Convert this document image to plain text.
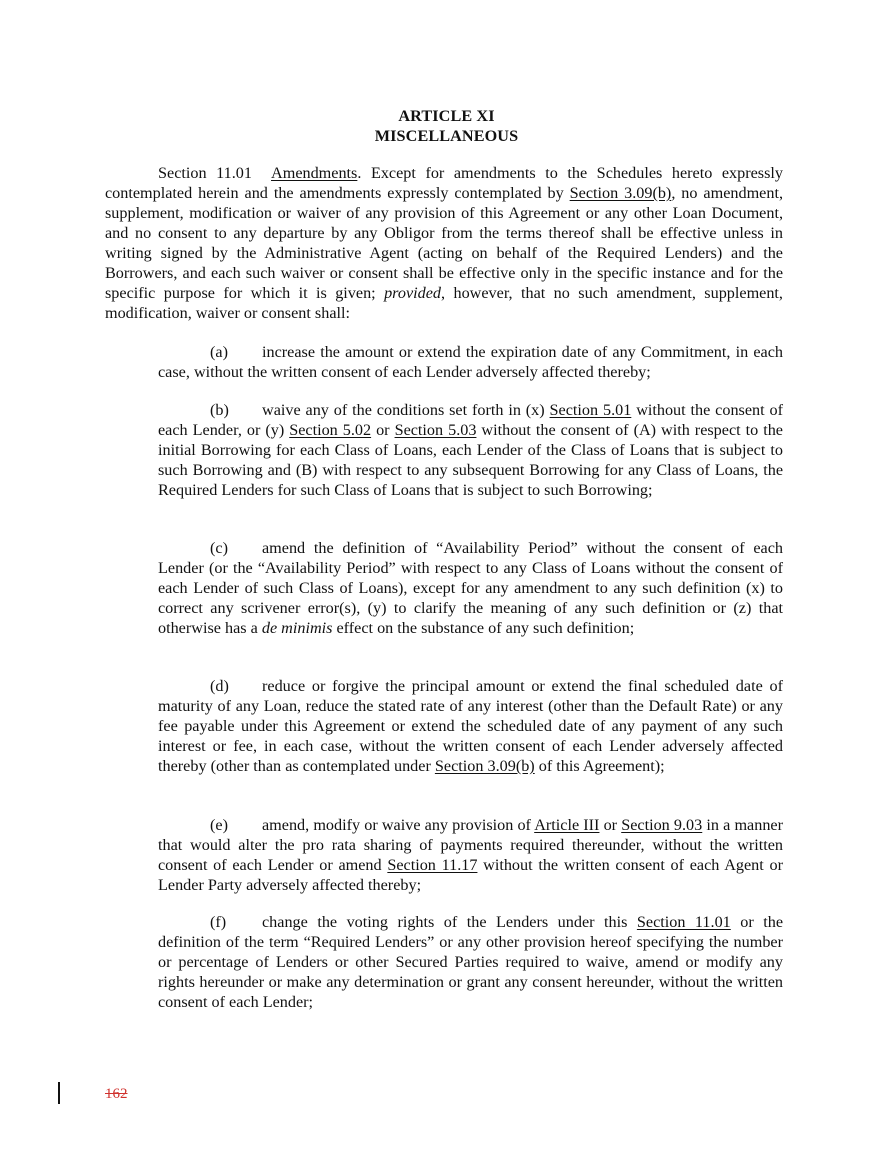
ARTICLE XI
MISCELLANEOUS

Section 11.01 Amendments. Except for amendments to the Schedules hereto expressly contemplated herein and the amendments expressly contemplated by Section 3.09(b), no amendment, supplement, modification or waiver of any provision of this Agreement or any other Loan Document, and no consent to any departure by any Obligor from the terms thereof shall be effective unless in writing signed by the Administrative Agent (acting on behalf of the Required Lenders) and the Borrowers, and each such waiver or consent shall be effective only in the specific instance and for the specific purpose for which it is given; provided, however, that no such amendment, supplement, modification, waiver or consent shall:

(a) increase the amount or extend the expiration date of any Commitment, in each case, without the written consent of each Lender adversely affected thereby;

(b) waive any of the conditions set forth in (x) Section 5.01 without the consent of each Lender, or (y) Section 5.02 or Section 5.03 without the consent of (A) with respect to the initial Borrowing for each Class of Loans, each Lender of the Class of Loans that is subject to such Borrowing and (B) with respect to any subsequent Borrowing for any Class of Loans, the Required Lenders for such Class of Loans that is subject to such Borrowing;

(c) amend the definition of “Availability Period” without the consent of each Lender (or the “Availability Period” with respect to any Class of Loans without the consent of each Lender of such Class of Loans), except for any amendment to any such definition (x) to correct any scrivener error(s), (y) to clarify the meaning of any such definition or (z) that otherwise has a de minimis effect on the substance of any such definition;

(d) reduce or forgive the principal amount or extend the final scheduled date of maturity of any Loan, reduce the stated rate of any interest (other than the Default Rate) or any fee payable under this Agreement or extend the scheduled date of any payment of any such interest or fee, in each case, without the written consent of each Lender adversely affected thereby (other than as contemplated under Section 3.09(b) of this Agreement);

(e) amend, modify or waive any provision of Article III or Section 9.03 in a manner that would alter the pro rata sharing of payments required thereunder, without the written consent of each Lender or amend Section 11.17 without the written consent of each Agent or Lender Party adversely affected thereby;

(f) change the voting rights of the Lenders under this Section 11.01 or the definition of the term “Required Lenders” or any other provision hereof specifying the number or percentage of Lenders or other Secured Parties required to waive, amend or modify any rights hereunder or make any determination or grant any consent hereunder, without the written consent of each Lender;

162
